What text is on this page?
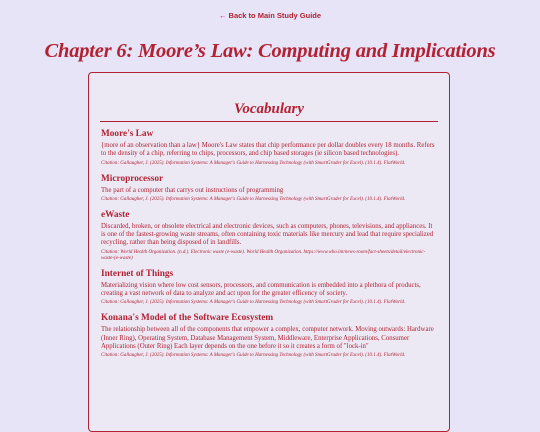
← Back to Main Study Guide
Chapter 6: Moore’s Law: Computing and Implications
Vocabulary

Moore's Law

{more of an observation than a law} Moore's Law states that chip performance per dollar doubles every 18 months. Refers to the density of a chip, referring to chips, processors, and chip based storages (ie silicon based technologies).

Citation: Gallaugher, J. (2025). Information Systems: A Manager's Guide to Harnessing Technology (with SmartGrader for Excel). (10.1.4). FlatWorld.

Microprocessor

The part of a computer that carrys out instructions of programming

Citation: Gallaugher, J. (2025). Information Systems: A Manager's Guide to Harnessing Technology (with SmartGrader for Excel). (10.1.4). FlatWorld.

eWaste

Discarded, broken, or obsolete electrical and electronic devices, such as computers, phones, televisions, and appliances. It is one of the fastest-growing waste streams, often containing toxic materials like mercury and lead that require specialized recycling, rather than being disposed of in landfills.

Citation: World Health Organization. (n.d.). Electronic waste (e-waste). World Health Organization. https://www.who.int/news-room/fact-sheets/detail/electronic-waste-(e-waste)

Internet of Things

Materializing vision where low cost sensors, processors, and communication is embedded into a plethora of products, creating a vast network of data to analyze and act upon for the greater efficency of society.

Citation: Gallaugher, J. (2025). Information Systems: A Manager's Guide to Harnessing Technology (with SmartGrader for Excel). (10.1.4). FlatWorld.

Konana's Model of the Software Ecosystem

The relationship between all of the components that empower a complex, computer network. Moving outwards: Hardware (Inner Ring), Operating System, Database Management System, Middleware, Enterprise Applications, Consumer Applications (Outer Ring) Each layer depends on the one before it so it creates a form of "lock-in"

Citation: Gallaugher, J. (2025). Information Systems: A Manager's Guide to Harnessing Technology (with SmartGrader for Excel). (10.1.4). FlatWorld.
